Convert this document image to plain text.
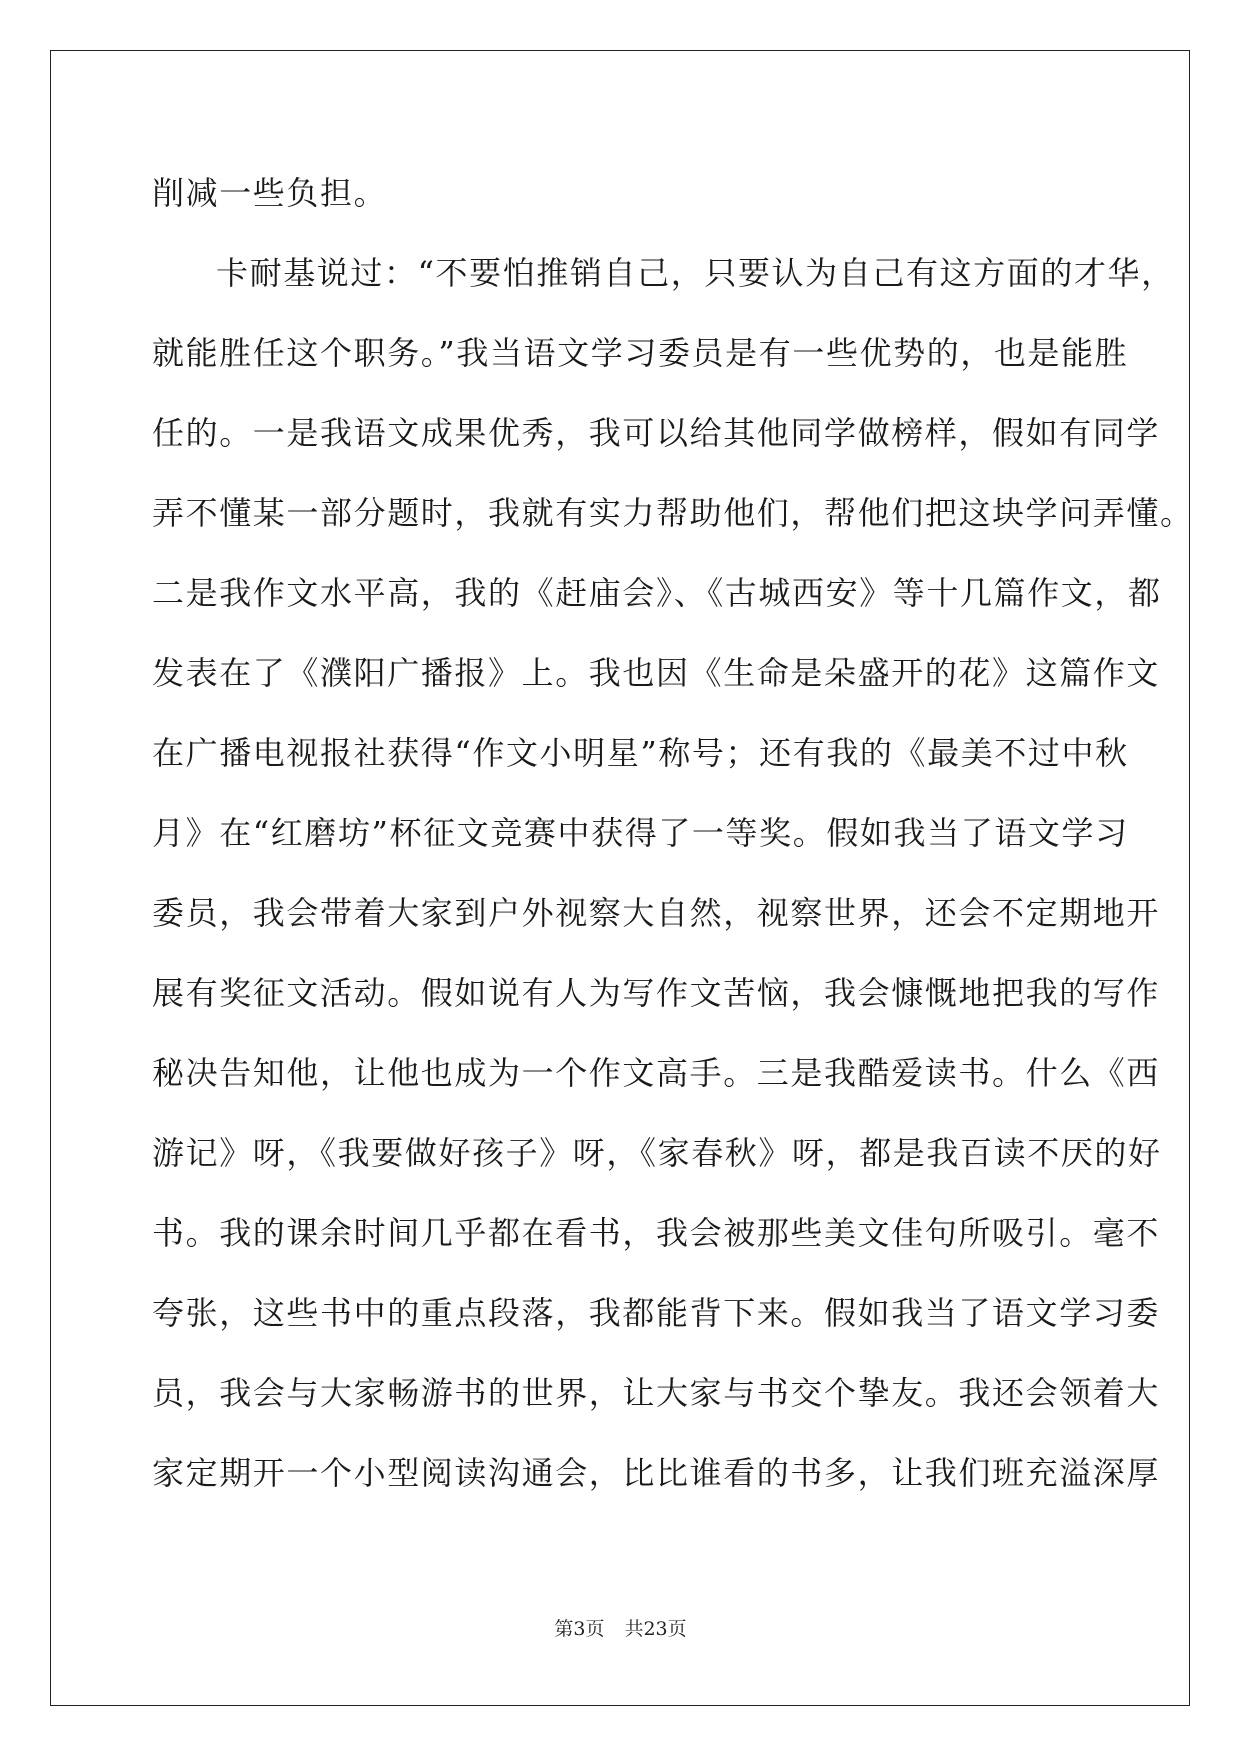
削减一些负担。
卡耐基说过：“不要怕推销自己，只要认为自己有这方面的才华，
就能胜任这个职务。”我当语文学习委员是有一些优势的，也是能胜
任的。一是我语文成果优秀，我可以给其他同学做榜样，假如有同学
弄不懂某一部分题时，我就有实力帮助他们，帮他们把这块学问弄懂。
二是我作文水平高，我的《赶庙会》、《古城西安》等十几篇作文，都
发表在了《濮阳广播报》上。我也因《生命是朵盛开的花》这篇作文
在广播电视报社获得“作文小明星”称号；还有我的《最美不过中秋
月》在“红磨坊”杯征文竞赛中获得了一等奖。假如我当了语文学习
委员，我会带着大家到户外视察大自然，视察世界，还会不定期地开
展有奖征文活动。假如说有人为写作文苦恼，我会慷慨地把我的写作
秘决告知他，让他也成为一个作文高手。三是我酷爱读书。什么《西
游记》呀，《我要做好孩子》呀，《家春秋》呀，都是我百读不厌的好
书。我的课余时间几乎都在看书，我会被那些美文佳句所吸引。毫不
夸张，这些书中的重点段落，我都能背下来。假如我当了语文学习委
员，我会与大家畅游书的世界，让大家与书交个挚友。我还会领着大
家定期开一个小型阅读沟通会，比比谁看的书多，让我们班充溢深厚
第3页 共23页
